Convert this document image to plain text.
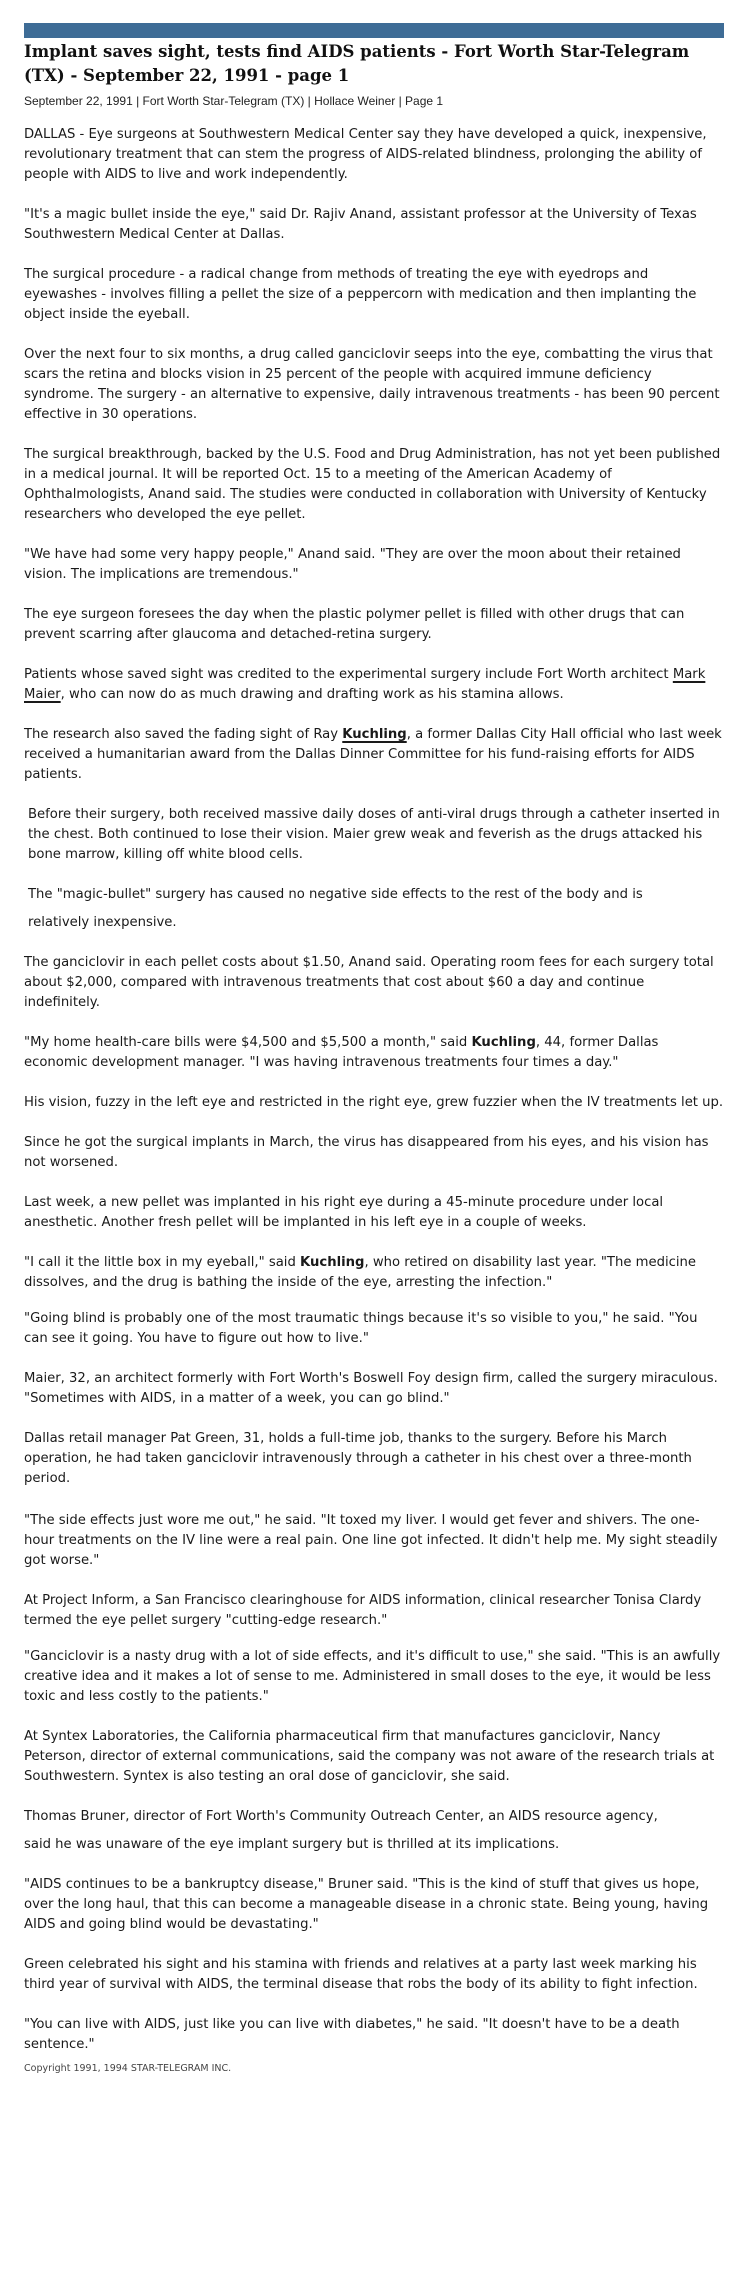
Implant saves sight, tests find AIDS patients - Fort Worth Star-Telegram (TX) - September 22, 1991 - page 1
September 22, 1991 | Fort Worth Star-Telegram (TX) | Hollace Weiner | Page 1

DALLAS - Eye surgeons at Southwestern Medical Center say they have developed a quick, inexpensive, revolutionary treatment that can stem the progress of AIDS-related blindness, prolonging the ability of people with AIDS to live and work independently.

"It's a magic bullet inside the eye," said Dr. Rajiv Anand, assistant professor at the University of Texas Southwestern Medical Center at Dallas.

The surgical procedure - a radical change from methods of treating the eye with eyedrops and eyewashes - involves filling a pellet the size of a peppercorn with medication and then implanting the object inside the eyeball.

Over the next four to six months, a drug called ganciclovir seeps into the eye, combatting the virus that scars the retina and blocks vision in 25 percent of the people with acquired immune deficiency syndrome. The surgery - an alternative to expensive, daily intravenous treatments - has been 90 percent effective in 30 operations.

The surgical breakthrough, backed by the U.S. Food and Drug Administration, has not yet been published in a medical journal. It will be reported Oct. 15 to a meeting of the American Academy of Ophthalmologists, Anand said. The studies were conducted in collaboration with University of Kentucky researchers who developed the eye pellet.

"We have had some very happy people," Anand said. "They are over the moon about their retained vision. The implications are tremendous."

The eye surgeon foresees the day when the plastic polymer pellet is filled with other drugs that can prevent scarring after glaucoma and detached-retina surgery.

Patients whose saved sight was credited to the experimental surgery include Fort Worth architect Mark Maier, who can now do as much drawing and drafting work as his stamina allows.

The research also saved the fading sight of Ray Kuchling, a former Dallas City Hall official who last week received a humanitarian award from the Dallas Dinner Committee for his fund-raising efforts for AIDS patients.

Before their surgery, both received massive daily doses of anti-viral drugs through a catheter inserted in the chest. Both continued to lose their vision. Maier grew weak and feverish as the drugs attacked his bone marrow, killing off white blood cells.

The "magic-bullet" surgery has caused no negative side effects to the rest of the body and is
relatively inexpensive.

The ganciclovir in each pellet costs about $1.50, Anand said. Operating room fees for each surgery total about $2,000, compared with intravenous treatments that cost about $60 a day and continue indefinitely.

"My home health-care bills were $4,500 and $5,500 a month," said Kuchling, 44, former Dallas economic development manager. "I was having intravenous treatments four times a day."

His vision, fuzzy in the left eye and restricted in the right eye, grew fuzzier when the IV treatments let up.

Since he got the surgical implants in March, the virus has disappeared from his eyes, and his vision has not worsened.

Last week, a new pellet was implanted in his right eye during a 45-minute procedure under local anesthetic. Another fresh pellet will be implanted in his left eye in a couple of weeks.

"I call it the little box in my eyeball," said Kuchling, who retired on disability last year. "The medicine dissolves, and the drug is bathing the inside of the eye, arresting the infection."

"Going blind is probably one of the most traumatic things because it's so visible to you," he said. "You can see it going. You have to figure out how to live."

Maier, 32, an architect formerly with Fort Worth's Boswell Foy design firm, called the surgery miraculous. "Sometimes with AIDS, in a matter of a week, you can go blind."

Dallas retail manager Pat Green, 31, holds a full-time job, thanks to the surgery. Before his March operation, he had taken ganciclovir intravenously through a catheter in his chest over a three-month period.

"The side effects just wore me out," he said. "It toxed my liver. I would get fever and shivers. The one-hour treatments on the IV line were a real pain. One line got infected. It didn't help me. My sight steadily got worse."

At Project Inform, a San Francisco clearinghouse for AIDS information, clinical researcher Tonisa Clardy termed the eye pellet surgery "cutting-edge research."

"Ganciclovir is a nasty drug with a lot of side effects, and it's difficult to use," she said. "This is an awfully creative idea and it makes a lot of sense to me. Administered in small doses to the eye, it would be less toxic and less costly to the patients."

At Syntex Laboratories, the California pharmaceutical firm that manufactures ganciclovir, Nancy Peterson, director of external communications, said the company was not aware of the research trials at Southwestern. Syntex is also testing an oral dose of ganciclovir, she said.

Thomas Bruner, director of Fort Worth's Community Outreach Center, an AIDS resource agency,
said he was unaware of the eye implant surgery but is thrilled at its implications.

"AIDS continues to be a bankruptcy disease," Bruner said. "This is the kind of stuff that gives us hope, over the long haul, that this can become a manageable disease in a chronic state. Being young, having AIDS and going blind would be devastating."

Green celebrated his sight and his stamina with friends and relatives at a party last week marking his third year of survival with AIDS, the terminal disease that robs the body of its ability to fight infection.

"You can live with AIDS, just like you can live with diabetes," he said. "It doesn't have to be a death sentence."

Copyright 1991, 1994 STAR-TELEGRAM INC.
